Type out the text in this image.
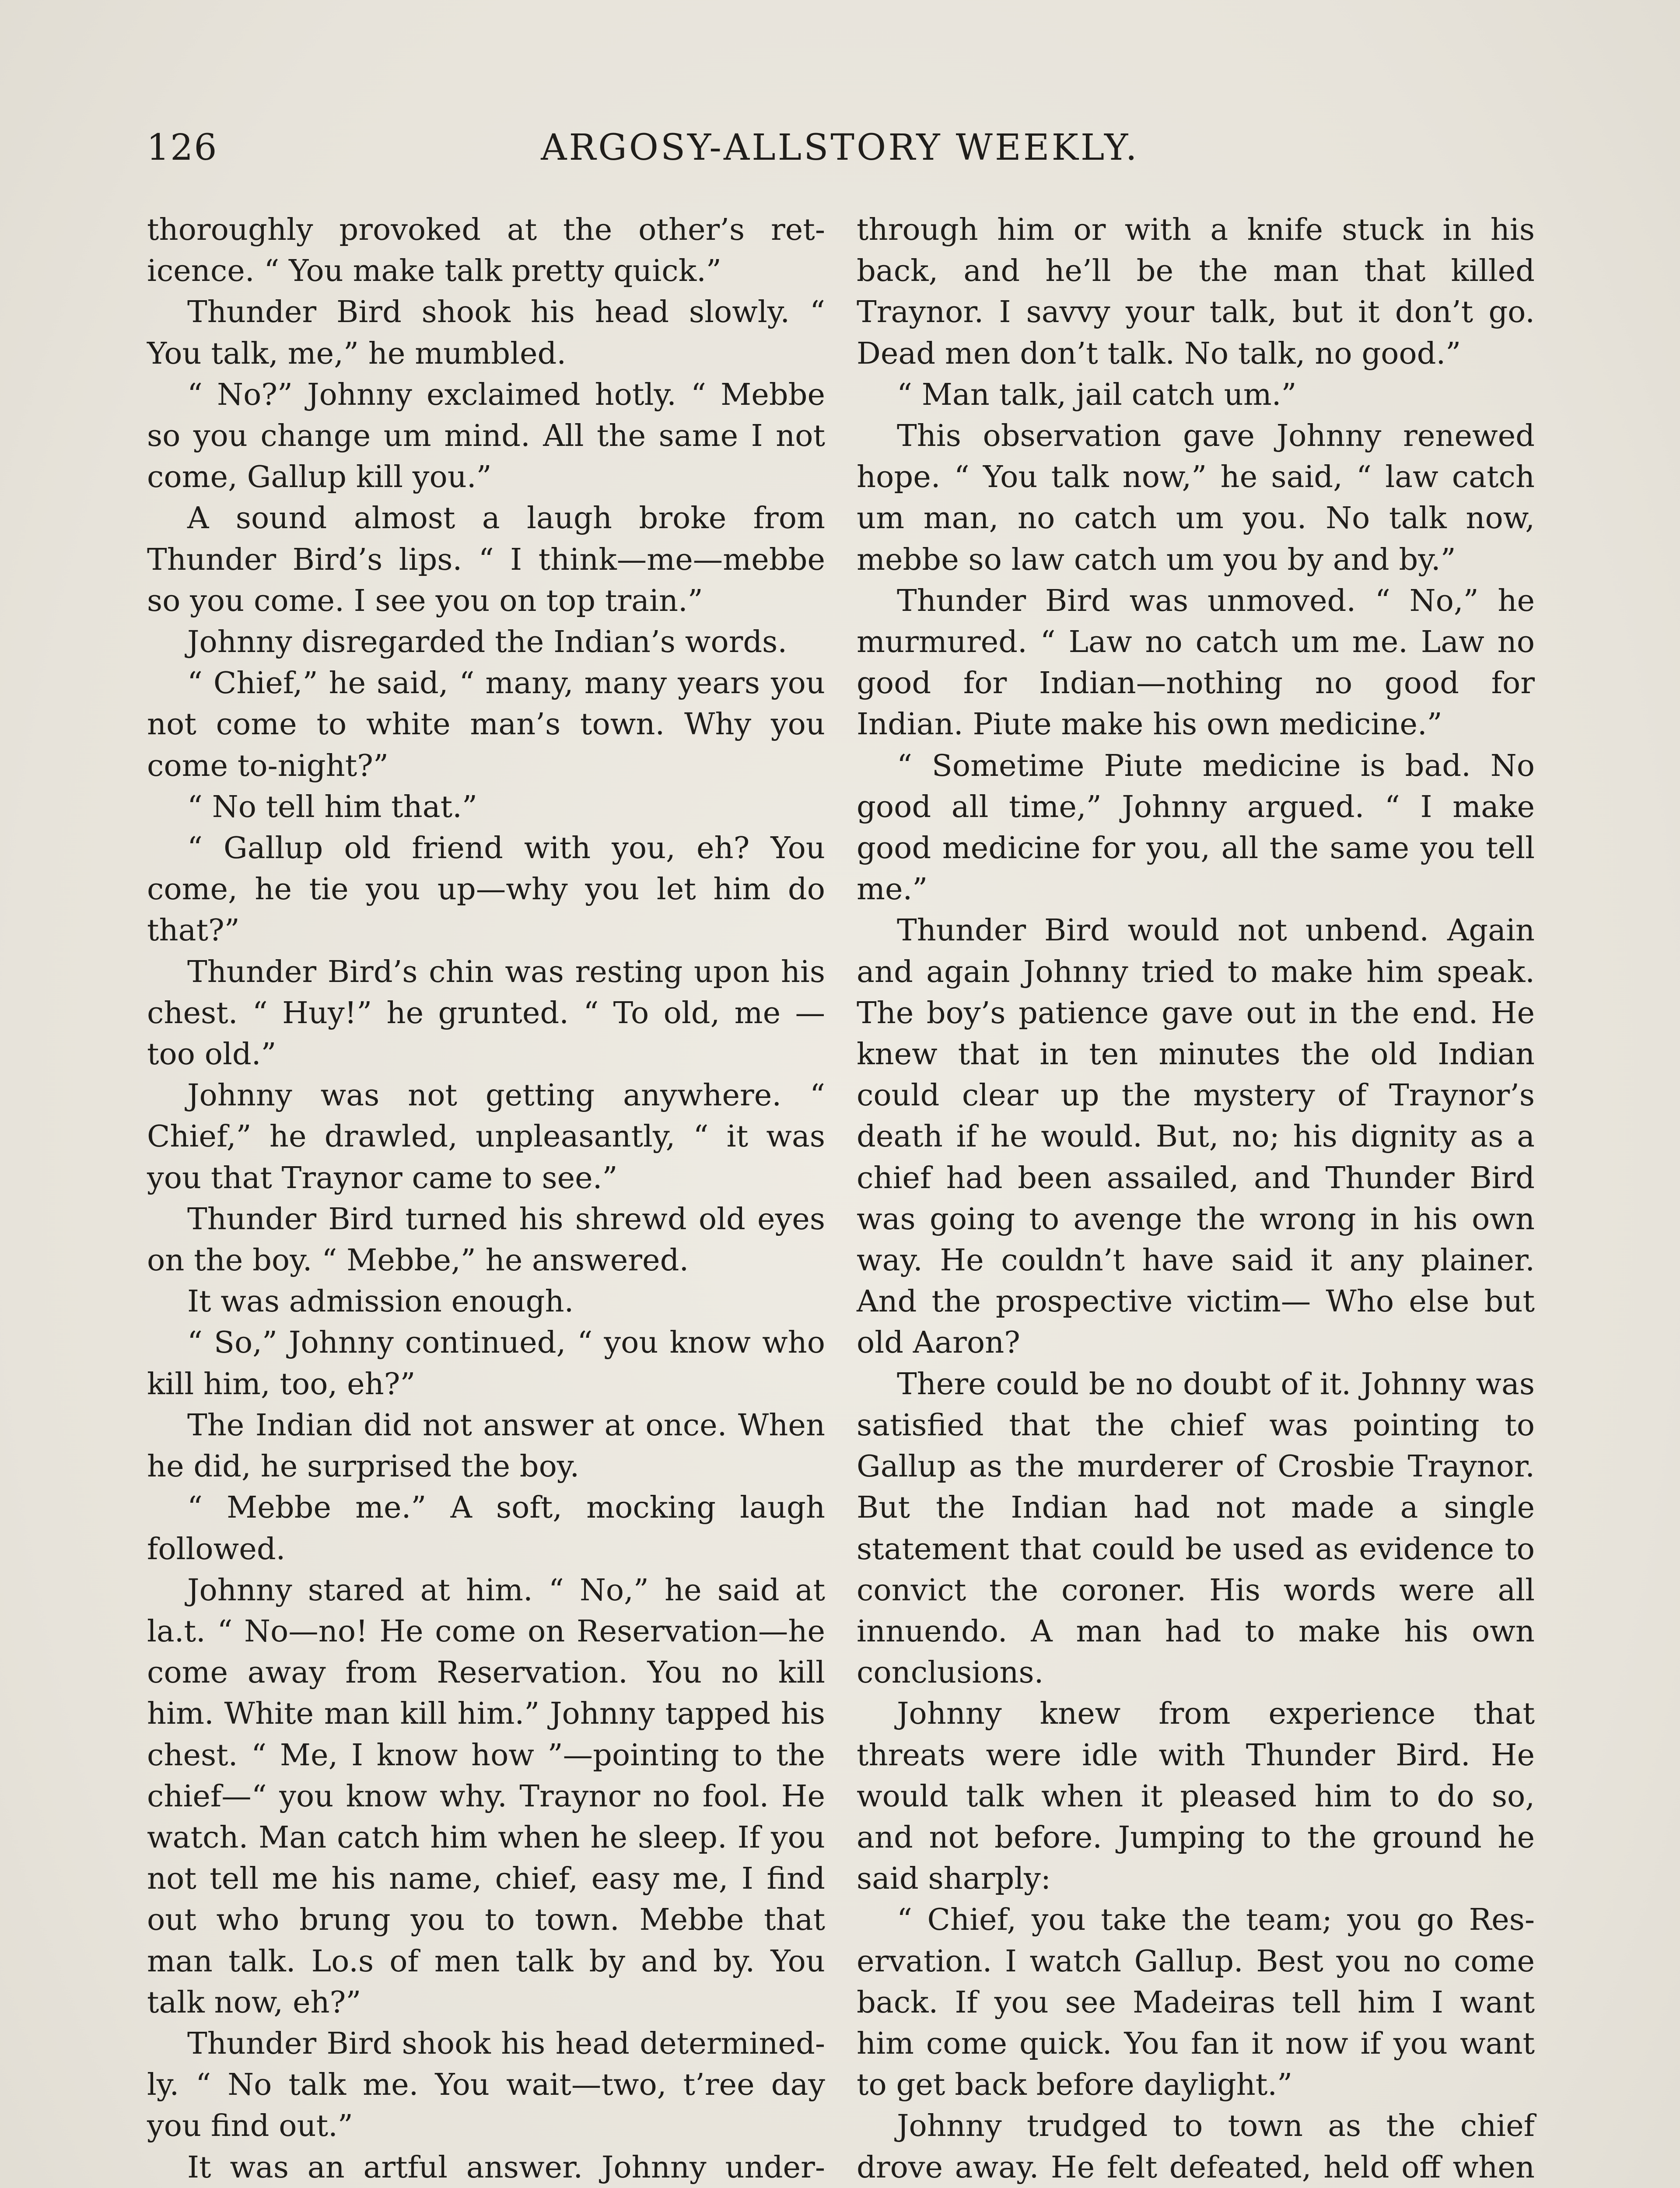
126	ARGOSY-ALLSTORY WEEKLY.

thoroughly provoked at the other’s reticence. “ You make talk pretty quick.”

Thunder Bird shook his head slowly. “ You talk, me,” he mumbled.

“ No?” Johnny exclaimed hotly. “ Mebbe so you change um mind. All the same I not come, Gallup kill you.”

A sound almost a laugh broke from Thunder Bird’s lips. “ I think—me—mebbe so you come. I see you on top train.”

Johnny disregarded the Indian’s words.

“ Chief,” he said, “ many, many years you not come to white man’s town. Why you come to-night?”

“ No tell him that.”

“ Gallup old friend with you, eh? You come, he tie you up—why you let him do that?”

Thunder Bird’s chin was resting upon his chest. “ Huy!” he grunted. “ To old, me —too old.”

Johnny was not getting anywhere. “ Chief,” he drawled, unpleasantly, “ it was you that Traynor came to see.”

Thunder Bird turned his shrewd old eyes on the boy. “ Mebbe,” he answered.

It was admission enough.

“ So,” Johnny continued, “ you know who kill him, too, eh?”

The Indian did not answer at once. When he did, he surprised the boy.

“ Mebbe me.” A soft, mocking laugh followed.

Johnny stared at him. “ No,” he said at la.t. “ No—no! He come on Reservation—he come away from Reservation. You no kill him. White man kill him.” Johnny tapped his chest. “ Me, I know how ”—pointing to the chief—“ you know why. Traynor no fool. He watch. Man catch him when he sleep. If you not tell me his name, chief, easy me, I find out who brung you to town. Mebbe that man talk. Lo.s of men talk by and by. You talk now, eh?”

Thunder Bird shook his head determinedly. “ No talk me. You wait—two, t’ree day you find out.”

It was an artful answer. Johnny under

through him or with a knife stuck in his back, and he’ll be the man that killed Traynor. I savvy your talk, but it don’t go. Dead men don’t talk. No talk, no good.”

“ Man talk, jail catch um.”

This observation gave Johnny renewed hope. “ You talk now,” he said, “ law catch um man, no catch um you. No talk now, mebbe so law catch um you by and by.”

Thunder Bird was unmoved. “ No,” he murmured. “ Law no catch um me. Law no good for Indian—nothing no good for Indian. Piute make his own medicine.”

“ Sometime Piute medicine is bad. No good all time,” Johnny argued. “ I make good medicine for you, all the same you tell me.”

Thunder Bird would not unbend. Again and again Johnny tried to make him speak. The boy’s patience gave out in the end. He knew that in ten minutes the old Indian could clear up the mystery of Traynor’s death if he would. But, no; his dignity as a chief had been assailed, and Thunder Bird was going to avenge the wrong in his own way. He couldn’t have said it any plainer. And the prospective victim— Who else but old Aaron?

There could be no doubt of it. Johnny was satisfied that the chief was pointing to Gallup as the murderer of Crosbie Traynor. But the Indian had not made a single statement that could be used as evidence to convict the coroner. His words were all innuendo. A man had to make his own conclusions.

Johnny knew from experience that threats were idle with Thunder Bird. He would talk when it pleased him to do so, and not before. Jumping to the ground he said sharply:

“ Chief, you take the team; you go Reservation. I watch Gallup. Best you no come back. If you see Madeiras tell him I want him come quick. You fan it now if you want to get back before daylight.”

Johnny trudged to town as the chief drove away. He felt defeated, held off when
